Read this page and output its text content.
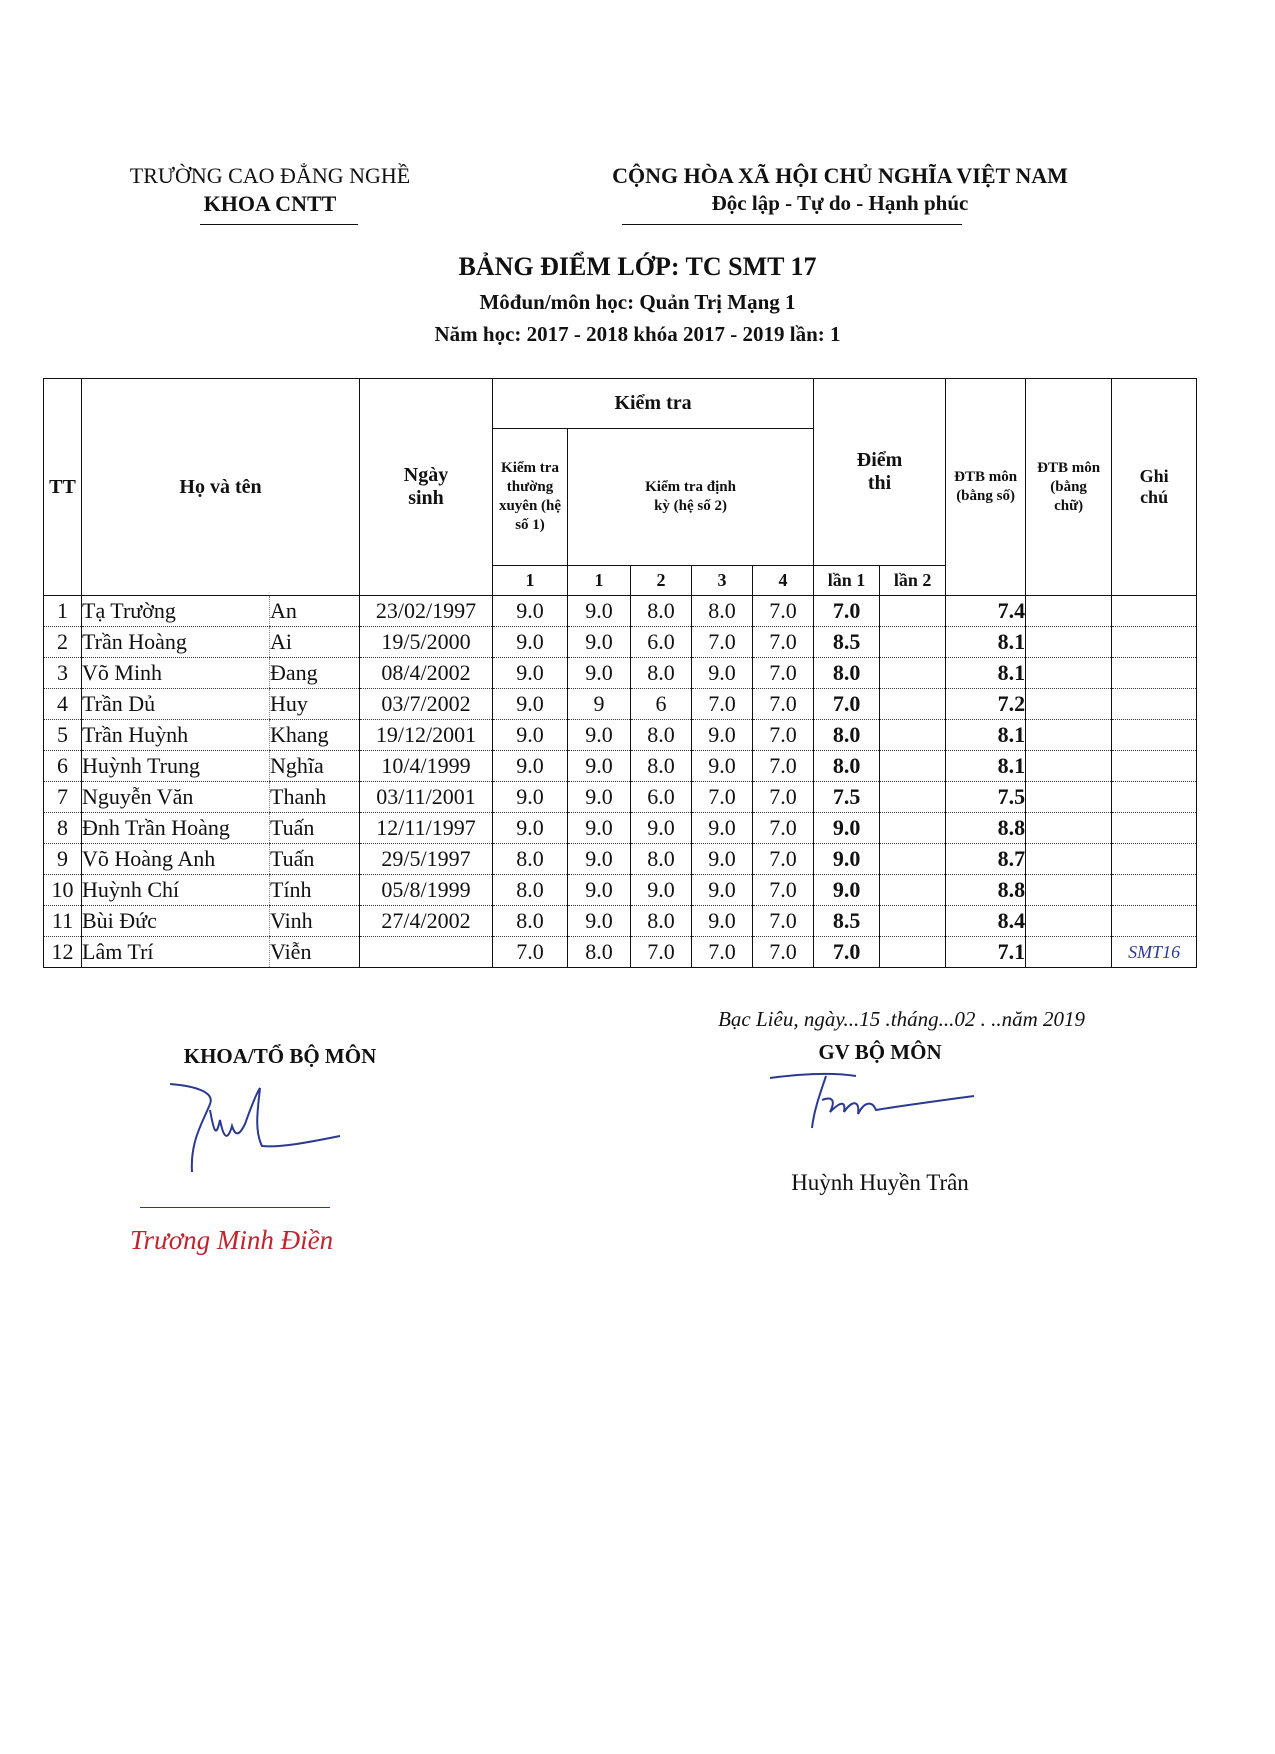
TRƯỜNG CAO ĐẲNG NGHỀ
KHOA CNTT
CỘNG HÒA XÃ HỘI CHỦ NGHĨA VIỆT NAM
Độc lập - Tự do - Hạnh phúc
BẢNG ĐIỂM LỚP: TC SMT 17
Môđun/môn học: Quản Trị Mạng 1
Năm học: 2017 - 2018 khóa 2017 - 2019 lần: 1
TT	Họ và tên		Ngày sinh	Kiểm tra					Điểm thi		ĐTB môn (bằng số)	ĐTB môn (bằng chữ)	Ghi chú
				Kiểm tra thường xuyên (hệ số 1)	Kiểm tra định kỳ (hệ số 2)								
				1	1	2	3	4	lần 1	lần 2			
1	Tạ Trường	An	23/02/1997	9.0	9.0	8.0	8.0	7.0	7.0		7.4		
2	Trần Hoàng	Ai	19/5/2000	9.0	9.0	6.0	7.0	7.0	8.5		8.1		
3	Võ Minh	Đang	08/4/2002	9.0	9.0	8.0	9.0	7.0	8.0		8.1		
4	Trần Dủ	Huy	03/7/2002	9.0	9	6	7.0	7.0	7.0		7.2		
5	Trần Huỳnh	Khang	19/12/2001	9.0	9.0	8.0	9.0	7.0	8.0		8.1		
6	Huỳnh Trung	Nghĩa	10/4/1999	9.0	9.0	8.0	9.0	7.0	8.0		8.1		
7	Nguyễn Văn	Thanh	03/11/2001	9.0	9.0	6.0	7.0	7.0	7.5		7.5		
8	Đnh Trần Hoàng	Tuấn	12/11/1997	9.0	9.0	9.0	9.0	7.0	9.0		8.8		
9	Võ Hoàng Anh	Tuấn	29/5/1997	8.0	9.0	8.0	9.0	7.0	9.0		8.7		
10	Huỳnh Chí	Tính	05/8/1999	8.0	9.0	9.0	9.0	7.0	9.0		8.8		
11	Bùi Đức	Vinh	27/4/2002	8.0	9.0	8.0	9.0	7.0	8.5		8.4		
12	Lâm Trí	Viễn		7.0	8.0	7.0	7.0	7.0	7.0		7.1		SMT16
Bạc Liêu, ngày...15 .tháng...02 . ..năm 2019
KHOA/TỔ BỘ MÔN	GV BỘ MÔN
Trương Minh Điền
Huỳnh Huyền Trân
